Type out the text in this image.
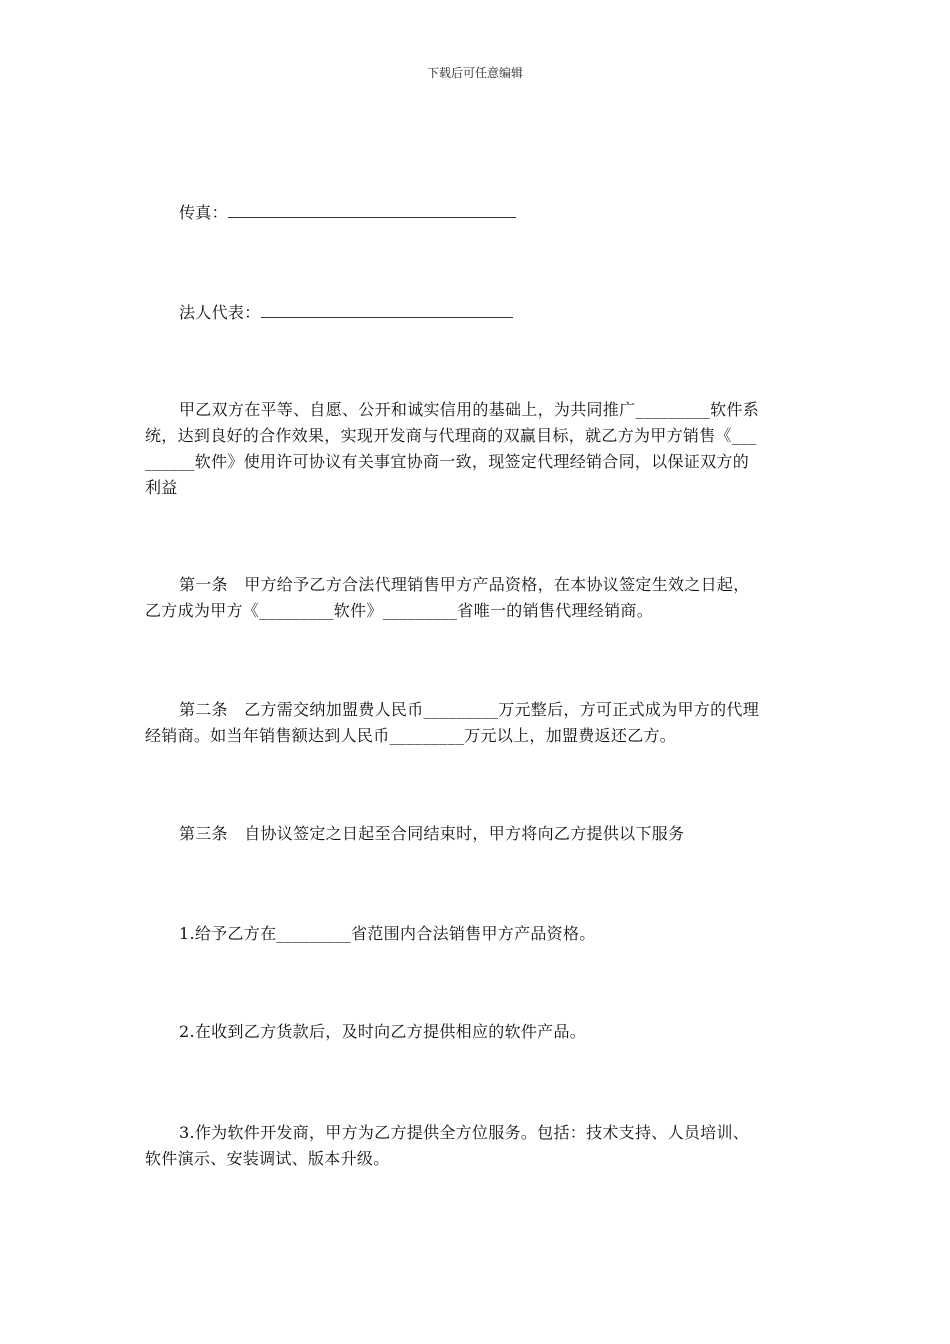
下载后可任意编辑
传真：
法人代表：
甲乙双方在平等、自愿、公开和诚实信用的基础上，为共同推广_________软件系
统，达到良好的合作效果，实现开发商与代理商的双赢目标，就乙方为甲方销售《___
______软件》使用许可协议有关事宜协商一致，现签定代理经销合同，以保证双方的
利益
第一条　甲方给予乙方合法代理销售甲方产品资格，在本协议签定生效之日起，
乙方成为甲方《_________软件》_________省唯一的销售代理经销商。
第二条　乙方需交纳加盟费人民币_________万元整后，方可正式成为甲方的代理
经销商。如当年销售额达到人民币_________万元以上，加盟费返还乙方。
第三条　自协议签定之日起至合同结束时，甲方将向乙方提供以下服务
1.给予乙方在_________省范围内合法销售甲方产品资格。
2.在收到乙方货款后，及时向乙方提供相应的软件产品。
3.作为软件开发商，甲方为乙方提供全方位服务。包括：技术支持、人员培训、
软件演示、安装调试、版本升级。
